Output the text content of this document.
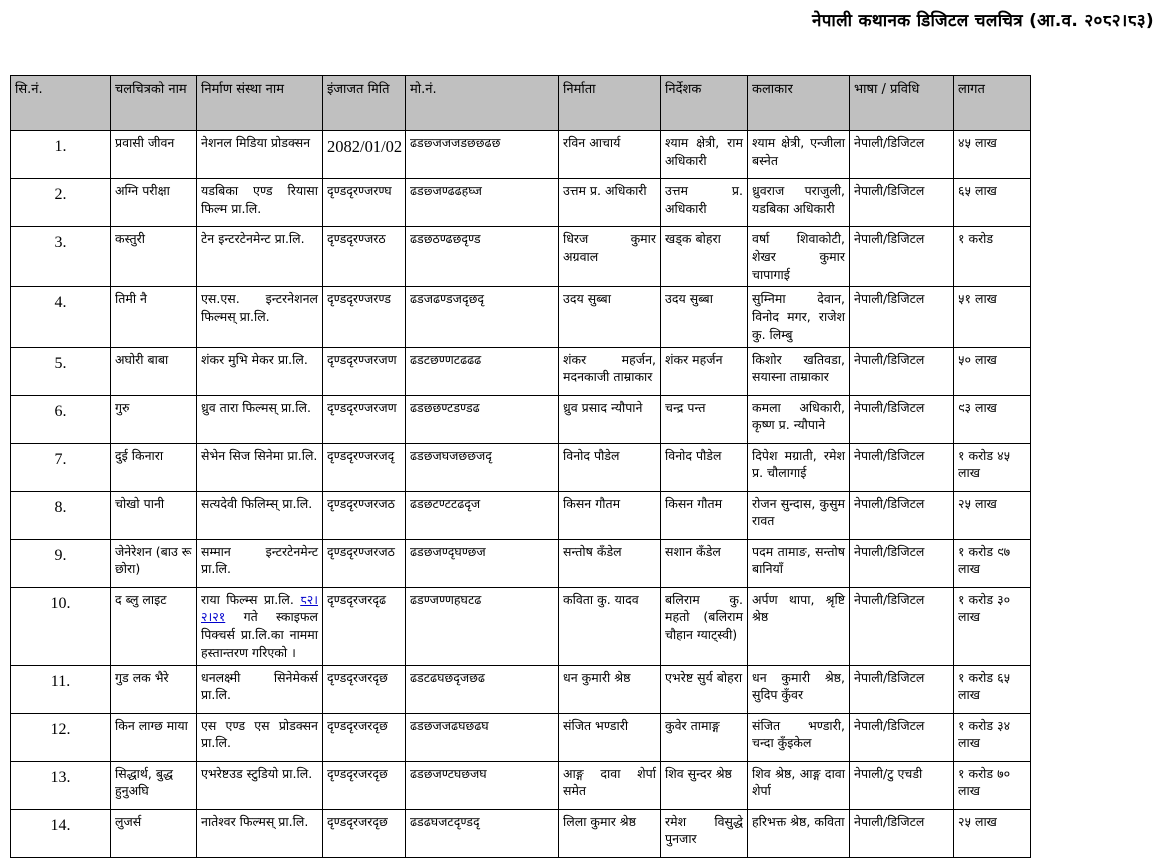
नेपाली कथानक डिजिटल चलचित्र (आ.व. २०८२।८३)
सि.नं.	चलचित्रको नाम	निर्माण संस्था नाम	इंजाजत मिति	मो.नं.	निर्माता	निर्देशक	कलाकार	भाषा / प्रविधि	लागत
1.	प्रवासी जीवन	नेशनल मिडिया प्रोडक्सन	2082/01/02	ढडछ्जजजडछछढछ	रविन आचार्य	श्याम क्षेत्री, राम अधिकारी	श्याम क्षेत्री, एन्जीला बस्नेत	नेपाली/डिजिटल	४५ लाख
2.	अग्नि परीक्षा	यडबिका एण्ड रियासा फिल्म प्रा.लि.	दृण्डदृरण्जरण्घ	ढडछ्जण्ढढहघ्ज	उत्तम प्र. अधिकारी	उत्तम प्र. अधिकारी	ध्रुवराज पराजुली, यडबिका अधिकारी	नेपाली/डिजिटल	६५ लाख
3.	कस्तुरी	टेन इन्टरटेनमेन्ट प्रा.लि.	दृण्डदृरण्जरठ	ढडछठण्ढछदृण्ड	धिरज कुमार अग्रवाल	खड्क बोहरा	वर्षा शिवाकोटी, शेखर कुमार चापागाई	नेपाली/डिजिटल	१ करोड
4.	तिमी नै	एस.एस. इन्टरनेशनल फिल्मस् प्रा.लि.	दृण्डदृरण्जरण्ड	ढडजढण्डजदृछदृ	उदय सुब्बा	उदय सुब्बा	सुम्निमा देवान, विनोद मगर, राजेश कु. लिम्बु	नेपाली/डिजिटल	५१ लाख
5.	अघोरी बाबा	शंकर मुभि मेकर प्रा.लि.	दृण्डदृरण्जरजण	ढडटछण्णटढढढ	शंकर महर्जन, मदनकाजी ताम्राकार	शंकर महर्जन	किशोर खतिवडा, सयास्ना ताम्राकार	नेपाली/डिजिटल	५० लाख
6.	गुरु	ध्रुव तारा फिल्मस् प्रा.लि.	दृण्डदृरण्जरजण	ढडछछण्टडण्डढ	ध्रुव प्रसाद न्यौपाने	चन्द्र पन्त	कमला अधिकारी, कृष्ण प्र. न्यौपाने	नेपाली/डिजिटल	९३ लाख
7.	दुई किनारा	सेभेन सिज सिनेमा प्रा.लि.	दृण्डदृरण्जरजदृ	ढडछजघजछछजदृ	विनोद पौडेल	विनोद पौडेल	दिपेश मग्राती, रमेश प्र. चौलागाई	नेपाली/डिजिटल	१ करोड ४५ लाख
8.	चोखो पानी	सत्यदेवी फिलिम्स् प्रा.लि.	दृण्डदृरण्जरजठ	ढडछटण्टटढदृज	किसन गौतम	किसन गौतम	रोजन सुन्दास, कुसुम रावत	नेपाली/डिजिटल	२५ लाख
9.	जेनेरेशन (बाउ रू छोरा)	सम्मान इन्टरटेनमेन्ट प्रा.लि.	दृण्डदृरण्जरजठ	ढडछजण्दृघण्छज	सन्तोष कँडेल	सशान कँडेल	पदम तामाङ, सन्तोष बानियाँ	नेपाली/डिजिटल	१ करोड ९७ लाख
10.	द ब्लु लाइट	राया फिल्म्स प्रा.लि. ८२।२।२१ गते स्काइफल पिक्चर्स प्रा.लि.का नाममा हस्तान्तरण गरिएको ।	दृण्डदृरजरदृढ	ढडण्जण्णहघटढ	कविता कु. यादव	बलिराम कु. महतो (बलिराम चौहान ग्याट्स्वी)	अर्पण थापा, श्रृष्टि श्रेष्ठ	नेपाली/डिजिटल	१ करोड ३० लाख
11.	गुड लक भैरे	धनलक्ष्मी सिनेमेकर्स प्रा.लि.	दृण्डदृरजरदृछ	ढडटढघछदृजछढ	धन कुमारी श्रेष्ठ	एभरेष्ट सुर्य बोहरा	धन कुमारी श्रेष्ठ, सुदिप कुँवर	नेपाली/डिजिटल	१ करोड ६५ लाख
12.	किन लाग्छ माया	एस एण्ड एस प्रोडक्सन प्रा.लि.	दृण्डदृरजरदृछ	ढडछजजढघछढघ	संजित भण्डारी	कुवेर तामाङ्ग	संजित भण्डारी, चन्दा कुँइकेल	नेपाली/डिजिटल	१ करोड ३४ लाख
13.	सिद्धार्थ, बुद्ध हुनुअघि	एभरेष्टउड स्टुडियो प्रा.लि.	दृण्डदृरजरदृछ	ढडछजण्टघछजघ	आङ्ग दावा शेर्पा समेत	शिव सुन्दर श्रेष्ठ	शिव श्रेष्ठ, आङ्ग दावा शेर्पा	नेपाली/टु एचडी	१ करोड ७० लाख
14.	लुजर्स	नातेश्वर फिल्मस् प्रा.लि.	दृण्डदृरजरदृछ	ढडढघजटदृण्डदृ	लिला कुमार श्रेष्ठ	रमेश विसुद्धे पुनजार	हरिभक्त श्रेष्ठ, कविता	नेपाली/डिजिटल	२५ लाख
